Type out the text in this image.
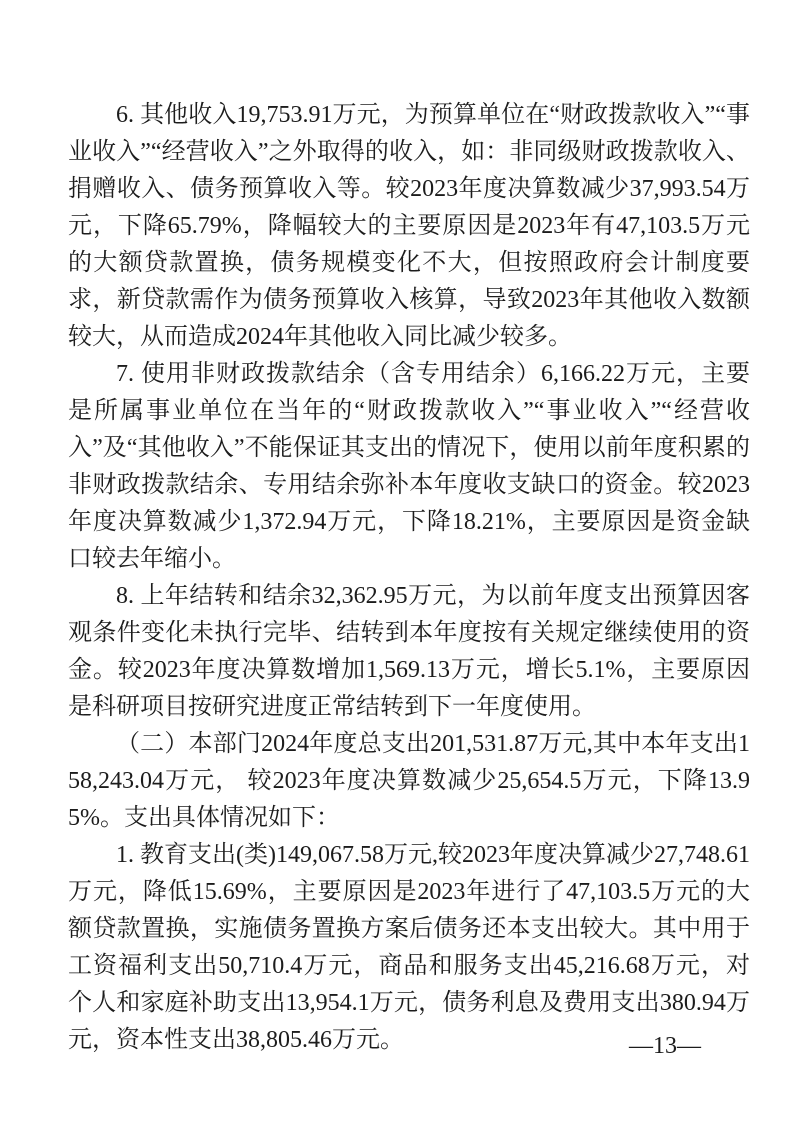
6. 其他收入19,753.91万元，为预算单位在“财政拨款收入”“事业收入”“经营收入”之外取得的收入，如：非同级财政拨款收入、捐赠收入、债务预算收入等。较2023年度决算数减少37,993.54万元，下降65.79%，降幅较大的主要原因是2023年有47,103.5万元的大额贷款置换，债务规模变化不大，但按照政府会计制度要求，新贷款需作为债务预算收入核算，导致2023年其他收入数额较大，从而造成2024年其他收入同比减少较多。

7. 使用非财政拨款结余（含专用结余）6,166.22万元，主要是所属事业单位在当年的“财政拨款收入”“事业收入”“经营收入”及“其他收入”不能保证其支出的情况下，使用以前年度积累的非财政拨款结余、专用结余弥补本年度收支缺口的资金。较2023年度决算数减少1,372.94万元，下降18.21%，主要原因是资金缺口较去年缩小。

8. 上年结转和结余32,362.95万元，为以前年度支出预算因客观条件变化未执行完毕、结转到本年度按有关规定继续使用的资金。较2023年度决算数增加1,569.13万元，增长5.1%，主要原因是科研项目按研究进度正常结转到下一年度使用。

（二）本部门2024年度总支出201,531.87万元,其中本年支出158,243.04万元， 较2023年度决算数减少25,654.5万元，下降13.95%。支出具体情况如下：

1. 教育支出(类)149,067.58万元,较2023年度决算减少27,748.61万元，降低15.69%，主要原因是2023年进行了47,103.5万元的大额贷款置换，实施债务置换方案后债务还本支出较大。其中用于工资福利支出50,710.4万元，商品和服务支出45,216.68万元，对个人和家庭补助支出13,954.1万元，债务利息及费用支出380.94万元，资本性支出38,805.46万元。	—13—
